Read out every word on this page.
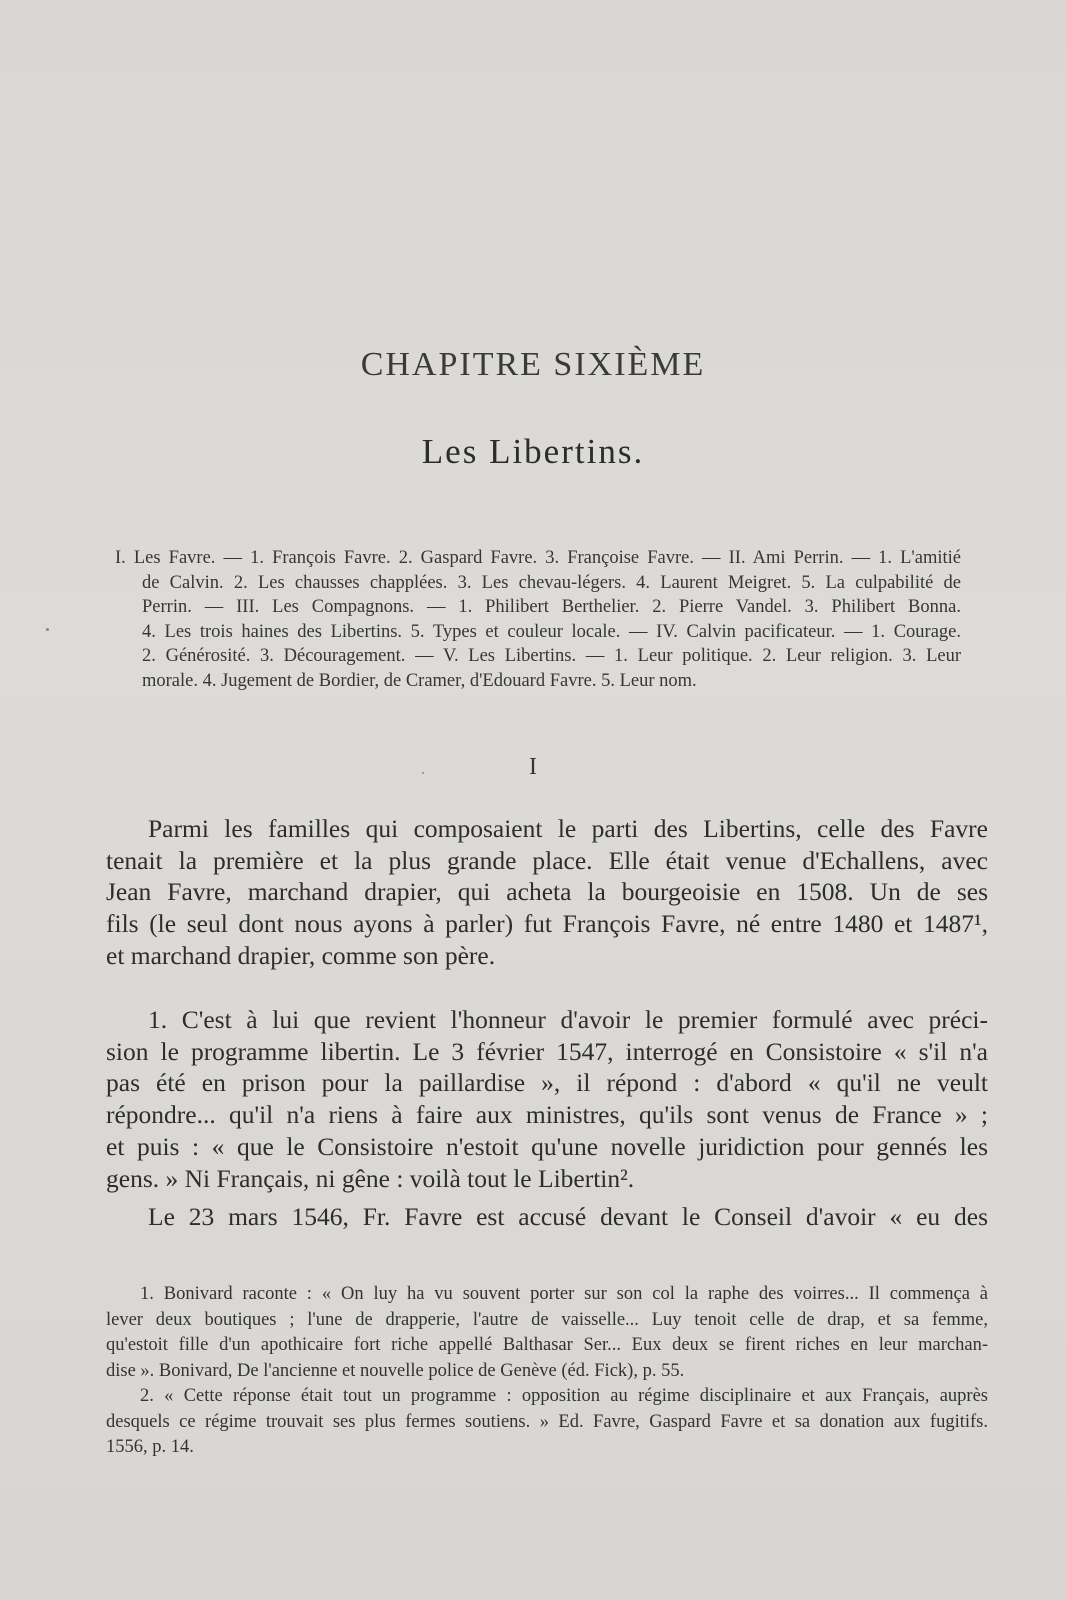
CHAPITRE SIXIÈME
Les Libertins.
I. Les Favre. — 1. François Favre. 2. Gaspard Favre. 3. Françoise Favre. — II. Ami Perrin. — 1. L'amitié
de Calvin. 2. Les chausses chapplées. 3. Les chevau-légers. 4. Laurent Meigret. 5. La culpabilité de
Perrin. — III. Les Compagnons. — 1. Philibert Berthelier. 2. Pierre Vandel. 3. Philibert Bonna.
4. Les trois haines des Libertins. 5. Types et couleur locale. — IV. Calvin pacificateur. — 1. Courage.
2. Générosité. 3. Découragement. — V. Les Libertins. — 1. Leur politique. 2. Leur religion. 3. Leur
morale. 4. Jugement de Bordier, de Cramer, d'Edouard Favre. 5. Leur nom.
I
Parmi les familles qui composaient le parti des Libertins, celle des Favre
tenait la première et la plus grande place. Elle était venue d'Echallens, avec
Jean Favre, marchand drapier, qui acheta la bourgeoisie en 1508. Un de ses
fils (le seul dont nous ayons à parler) fut François Favre, né entre 1480 et 1487¹,
et marchand drapier, comme son père.
1. C'est à lui que revient l'honneur d'avoir le premier formulé avec préci-
sion le programme libertin. Le 3 février 1547, interrogé en Consistoire « s'il n'a
pas été en prison pour la paillardise », il répond : d'abord « qu'il ne veult
répondre... qu'il n'a riens à faire aux ministres, qu'ils sont venus de France » ;
et puis : « que le Consistoire n'estoit qu'une novelle juridiction pour gennés les
gens. » Ni Français, ni gêne : voilà tout le Libertin².
Le 23 mars 1546, Fr. Favre est accusé devant le Conseil d'avoir « eu des
1. Bonivard raconte : « On luy ha vu souvent porter sur son col la raphe des voirres... Il commença à
lever deux boutiques ; l'une de drapperie, l'autre de vaisselle... Luy tenoit celle de drap, et sa femme,
qu'estoit fille d'un apothicaire fort riche appellé Balthasar Ser... Eux deux se firent riches en leur marchan-
dise ». Bonivard, De l'ancienne et nouvelle police de Genève (éd. Fick), p. 55.
2. « Cette réponse était tout un programme : opposition au régime disciplinaire et aux Français, auprès
desquels ce régime trouvait ses plus fermes soutiens. » Ed. Favre, Gaspard Favre et sa donation aux fugitifs.
1556, p. 14.
